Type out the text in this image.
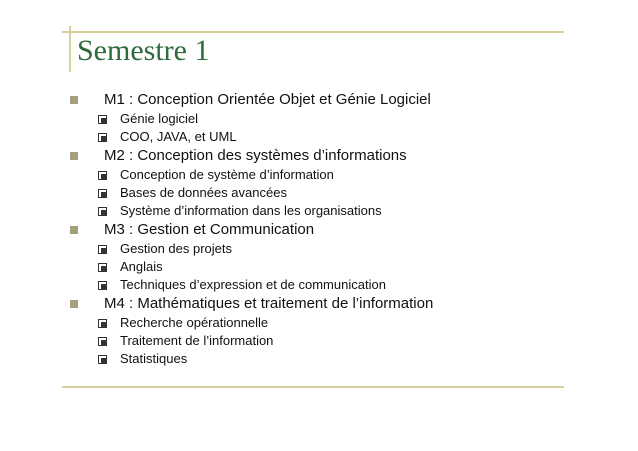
Semestre 1
M1 : Conception Orientée Objet et Génie Logiciel
Génie logiciel
COO, JAVA, et UML
M2 : Conception des systèmes d’informations
Conception de système d’information
Bases de données avancées
Système d’information dans les organisations
M3 : Gestion et Communication
Gestion des projets
Anglais
Techniques d’expression et de communication
M4 : Mathématiques et traitement de l’information
Recherche opérationnelle
Traitement de l’information
Statistiques
